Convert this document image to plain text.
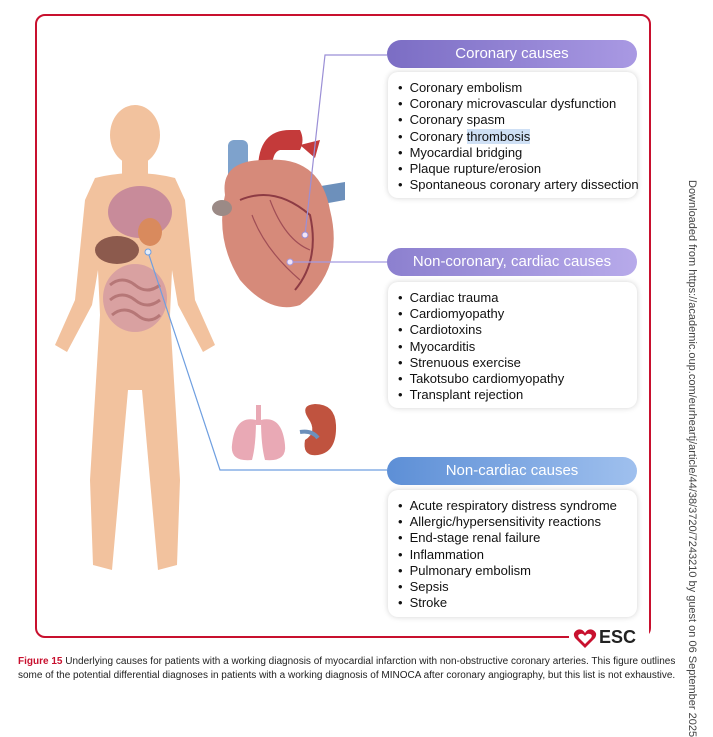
Coronary causes
• Coronary embolism
• Coronary microvascular dysfunction
• Coronary spasm
• Coronary thrombosis
• Myocardial bridging
• Plaque rupture/erosion
• Spontaneous coronary artery dissection
Non-coronary, cardiac causes
• Cardiac trauma
• Cardiomyopathy
• Cardiotoxins
• Myocarditis
• Strenuous exercise
• Takotsubo cardiomyopathy
• Transplant rejection
Non-cardiac causes
• Acute respiratory distress syndrome
• Allergic/hypersensitivity reactions
• End-stage renal failure
• Inflammation
• Pulmonary embolism
• Sepsis
• Stroke
ESC	Downloaded from https://academic.oup.com/eurheartj/article/44/38/3720/7243210 by guest on 06 September 2025
Figure 15 Underlying causes for patients with a working diagnosis of myocardial infarction with non-obstructive coronary arteries. This figure outlines some of the potential differential diagnoses in patients with a working diagnosis of MINOCA after coronary angiography, but this list is not exhaustive.
